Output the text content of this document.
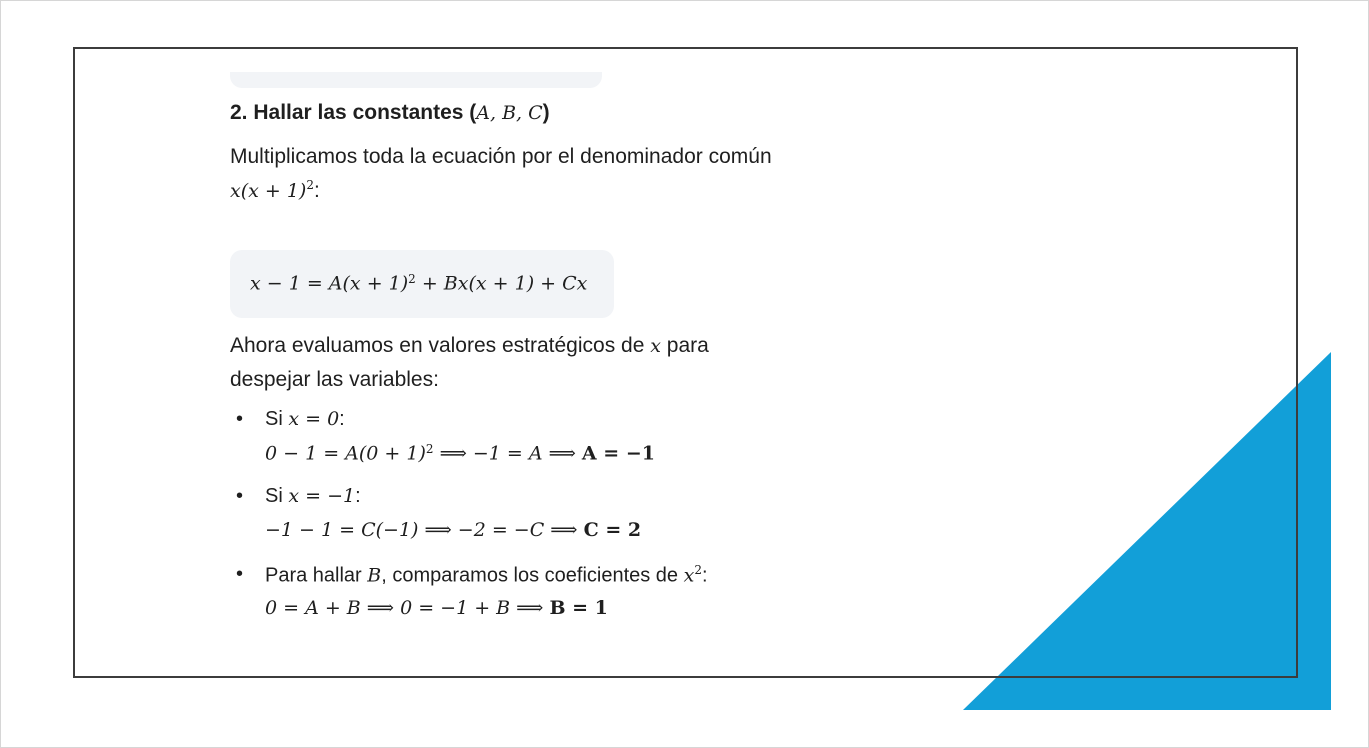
2. Hallar las constantes (A, B, C)
Multiplicamos toda la ecuación por el denominador común
$x(x + 1)^2$:
$x - 1 = A(x + 1)^2 + Bx(x + 1) + Cx$
Ahora evaluamos en valores estratégicos de x para
despejar las variables:
• Si x = 0:
$0 - 1 = A(0 + 1)^2$ ⟹ −1 = A ⟹ A = −1
• Si x = −1:
−1 − 1 = C(−1) ⟹ −2 = −C ⟹ C = 2
• Para hallar B, comparamos los coeficientes de $x^2$:
0 = A + B ⟹ 0 = −1 + B ⟹ B = 1
